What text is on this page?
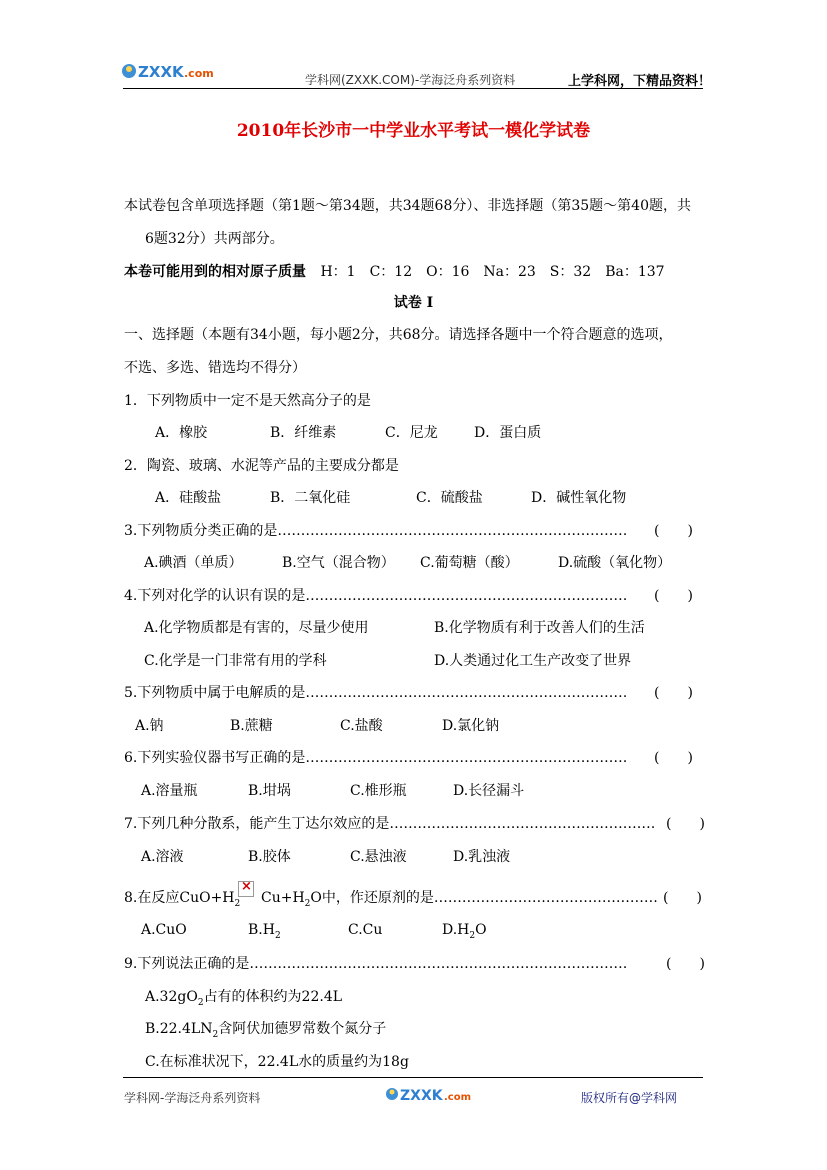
ZXXK .com	学科网(ZXXK.COM)-学海泛舟系列资料	上学科网，下精品资料！
2010年长沙市一中学业水平考试一模化学试卷
本试卷包含单项选择题（第1题～第34题，共34题68分）、非选择题（第35题～第40题，共
6题32分）共两部分。
本卷可能用到的相对原子质量 H：1　C：12　O：16　Na：23　S：32　Ba：137
试卷 I
一、选择题（本题有34小题，每小题2分，共68分。请选择各题中一个符合题意的选项，
不选、多选、错选均不得分）
1．下列物质中一定不是天然高分子的是
A．橡胶	B．纤维素	C．尼龙	D．蛋白质
2．陶瓷、玻璃、水泥等产品的主要成分都是
A．硅酸盐	B．二氧化硅	C．硫酸盐	D．碱性氧化物
3.下列物质分类正确的是………………………………………………………………… (　　)
A.碘酒（单质）	B.空气（混合物） C.葡萄糖（酸）	D.硫酸（氧化物）
4.下列对化学的认识有误的是…………………………………………………………… (　　)
A.化学物质都是有害的，尽量少使用	B.化学物质有利于改善人们的生活
C.化学是一门非常有用的学科	D.人类通过化工生产改变了世界
5.下列物质中属于电解质的是…………………………………………………………… (　　)
A.钠	B.蔗糖	C.盐酸	D.氯化钠
6.下列实验仪器书写正确的是…………………………………………………………… (　　)
A.溶量瓶	B.坩埚	C.椎形瓶	D.长径漏斗
7.下列几种分散系，能产生丁达尔效应的是………………………………………………… (　　)
A.溶液	B.胶体	C.悬浊液	D.乳浊液
8.在反应$CuO+H_2$
× $Cu+H_2O$中，作还原剂的是………………………………………… (　　)
A.CuO	$B.H_2$	C.Cu	$D.H_2O$
9.下列说法正确的是………………………………………………………………………	(　　)
$A.32gO_2$占有的体积约为22.4L
$B.22.4LN_2$含阿伏加德罗常数个氮分子
C.在标准状况下，22.4L水的质量约为18g
学科网-学海泛舟系列资料	ZXXK .com	版权所有@学科网
